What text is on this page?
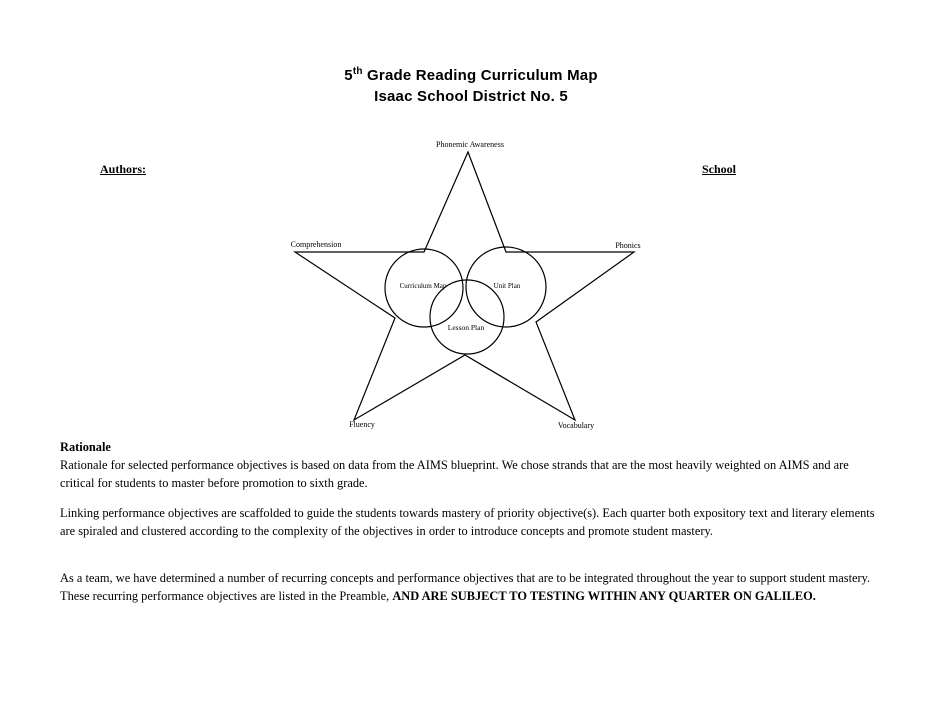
5th Grade Reading Curriculum Map
Isaac School District No. 5
Authors:	School
Phonemic Awareness
Comprehension	Phonics
Fluency	Vocabulary
Curriculum Map	Unit Plan
Lesson Plan
Rationale
Rationale for selected performance objectives is based on data from the AIMS blueprint. We chose strands that are the most heavily weighted on AIMS and are critical for students to master before promotion to sixth grade.
Linking performance objectives are scaffolded to guide the students towards mastery of priority objective(s). Each quarter both expository text and literary elements are spiraled and clustered according to the complexity of the objectives in order to introduce concepts and promote student mastery.
As a team, we have determined a number of recurring concepts and performance objectives that are to be integrated throughout the year to support student mastery. These recurring performance objectives are listed in the Preamble, AND ARE SUBJECT TO TESTING WITHIN ANY QUARTER ON GALILEO.
